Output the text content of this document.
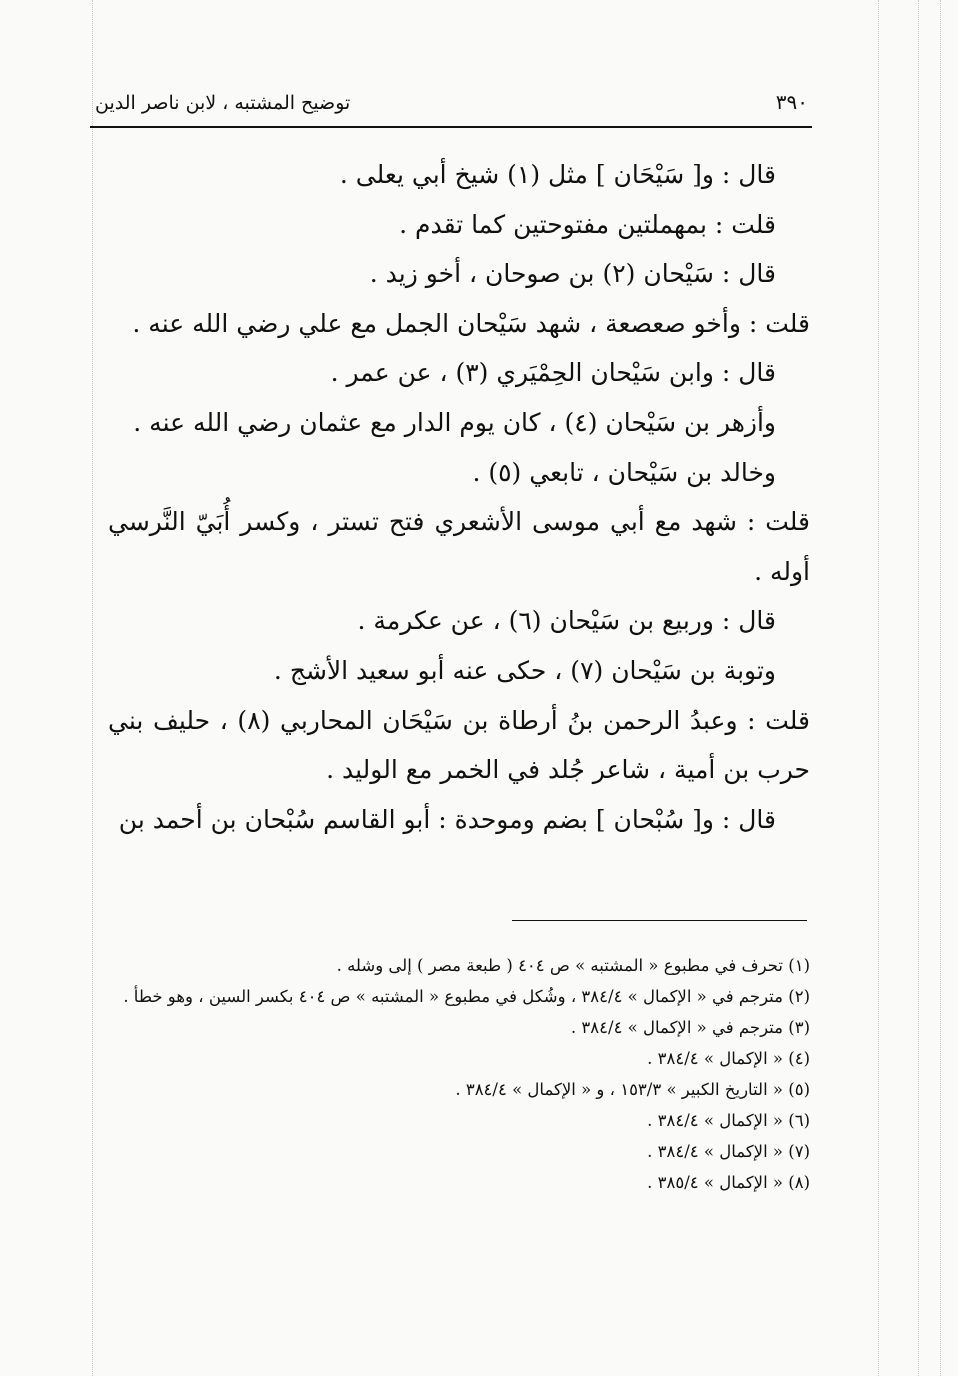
توضيح المشتبه ، لابن ناصر الدين	٣٩٠

قال : و[ سَيْحَان ] مثل (١) شيخ أبي يعلى .

قلت : بمهملتين مفتوحتين كما تقدم .

قال : سَيْحان (٢) بن صوحان ، أخو زيد .

قلت : وأخو صعصعة ، شهد سَيْحان الجمل مع علي رضي الله عنه .

قال : وابن سَيْحان الحِمْيَري (٣) ، عن عمر .

وأزهر بن سَيْحان (٤) ، كان يوم الدار مع عثمان رضي الله عنه .

وخالد بن سَيْحان ، تابعي (٥) .

قلت : شهد مع أبي موسى الأشعري فتح تستر ، وكسر أُبَيّ النَّرسي أوله .

قال : وربيع بن سَيْحان (٦) ، عن عكرمة .

وتوبة بن سَيْحان (٧) ، حكى عنه أبو سعيد الأشج .

قلت : وعبدُ الرحمن بنُ أرطاة بن سَيْحَان المحاربي (٨) ، حليف بني حرب بن أمية ، شاعر جُلد في الخمر مع الوليد .

قال : و[ سُبْحان ] بضم وموحدة : أبو القاسم سُبْحان بن أحمد بن

(١) تحرف في مطبوع « المشتبه » ص ٤٠٤ ( طبعة مصر ) إلى وشله .

(٢) مترجم في « الإكمال » ٣٨٤/٤ ، وشُكل في مطبوع « المشتبه » ص ٤٠٤ بكسر السين ، وهو خطأ .

(٣) مترجم في « الإكمال » ٣٨٤/٤ .

(٤) « الإكمال » ٣٨٤/٤ .

(٥) « التاريخ الكبير » ١٥٣/٣ ، و « الإكمال » ٣٨٤/٤ .

(٦) « الإكمال » ٣٨٤/٤ .

(٧) « الإكمال » ٣٨٤/٤ .

(٨) « الإكمال » ٣٨٥/٤ .
